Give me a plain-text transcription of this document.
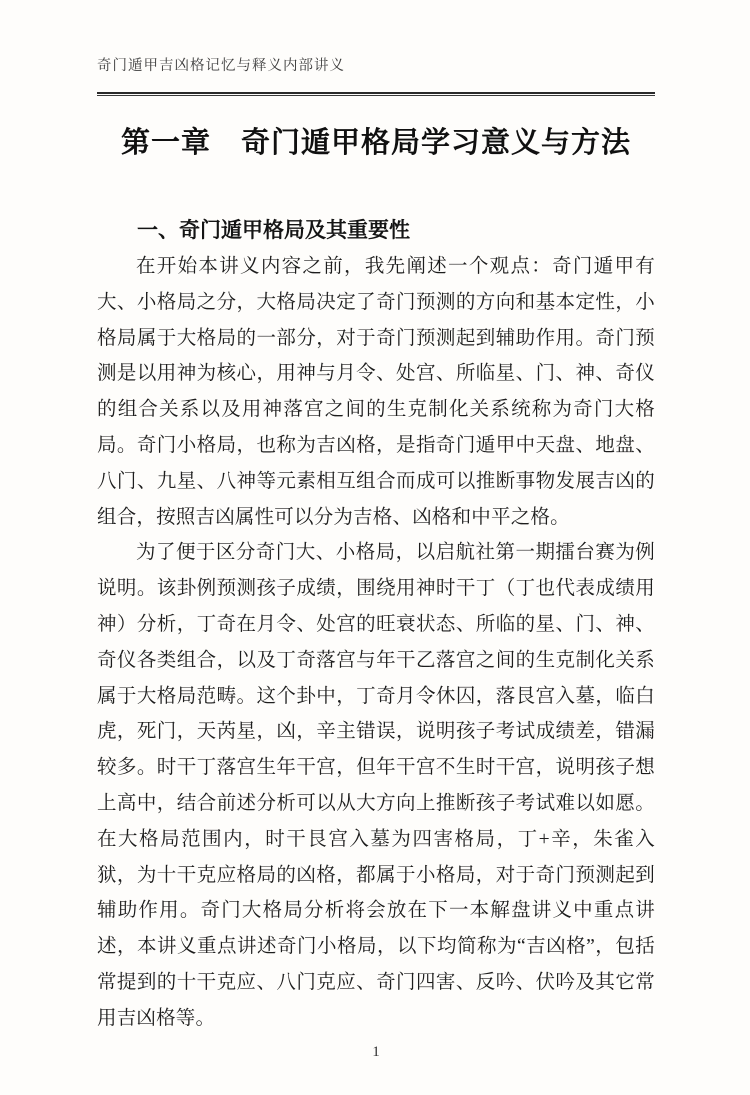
奇门遁甲吉凶格记忆与释义内部讲义
第一章　奇门遁甲格局学习意义与方法
一、奇门遁甲格局及其重要性

在开始本讲义内容之前，我先阐述一个观点：奇门遁甲有大、小格局之分，大格局决定了奇门预测的方向和基本定性，小格局属于大格局的一部分，对于奇门预测起到辅助作用。奇门预测是以用神为核心，用神与月令、处宫、所临星、门、神、奇仪的组合关系以及用神落宫之间的生克制化关系统称为奇门大格局。奇门小格局，也称为吉凶格，是指奇门遁甲中天盘、地盘、八门、九星、八神等元素相互组合而成可以推断事物发展吉凶的组合，按照吉凶属性可以分为吉格、凶格和中平之格。

为了便于区分奇门大、小格局，以启航社第一期擂台赛为例说明。该卦例预测孩子成绩，围绕用神时干丁（丁也代表成绩用神）分析，丁奇在月令、处宫的旺衰状态、所临的星、门、神、奇仪各类组合，以及丁奇落宫与年干乙落宫之间的生克制化关系属于大格局范畴。这个卦中，丁奇月令休囚，落艮宫入墓，临白虎，死门，天芮星，凶，辛主错误，说明孩子考试成绩差，错漏较多。时干丁落宫生年干宫，但年干宫不生时干宫，说明孩子想上高中，结合前述分析可以从大方向上推断孩子考试难以如愿。在大格局范围内，时干艮宫入墓为四害格局，丁+辛，朱雀入狱，为十干克应格局的凶格，都属于小格局，对于奇门预测起到辅助作用。奇门大格局分析将会放在下一本解盘讲义中重点讲述，本讲义重点讲述奇门小格局，以下均简称为“吉凶格”，包括常提到的十干克应、八门克应、奇门四害、反吟、伏吟及其它常用吉凶格等。

1
